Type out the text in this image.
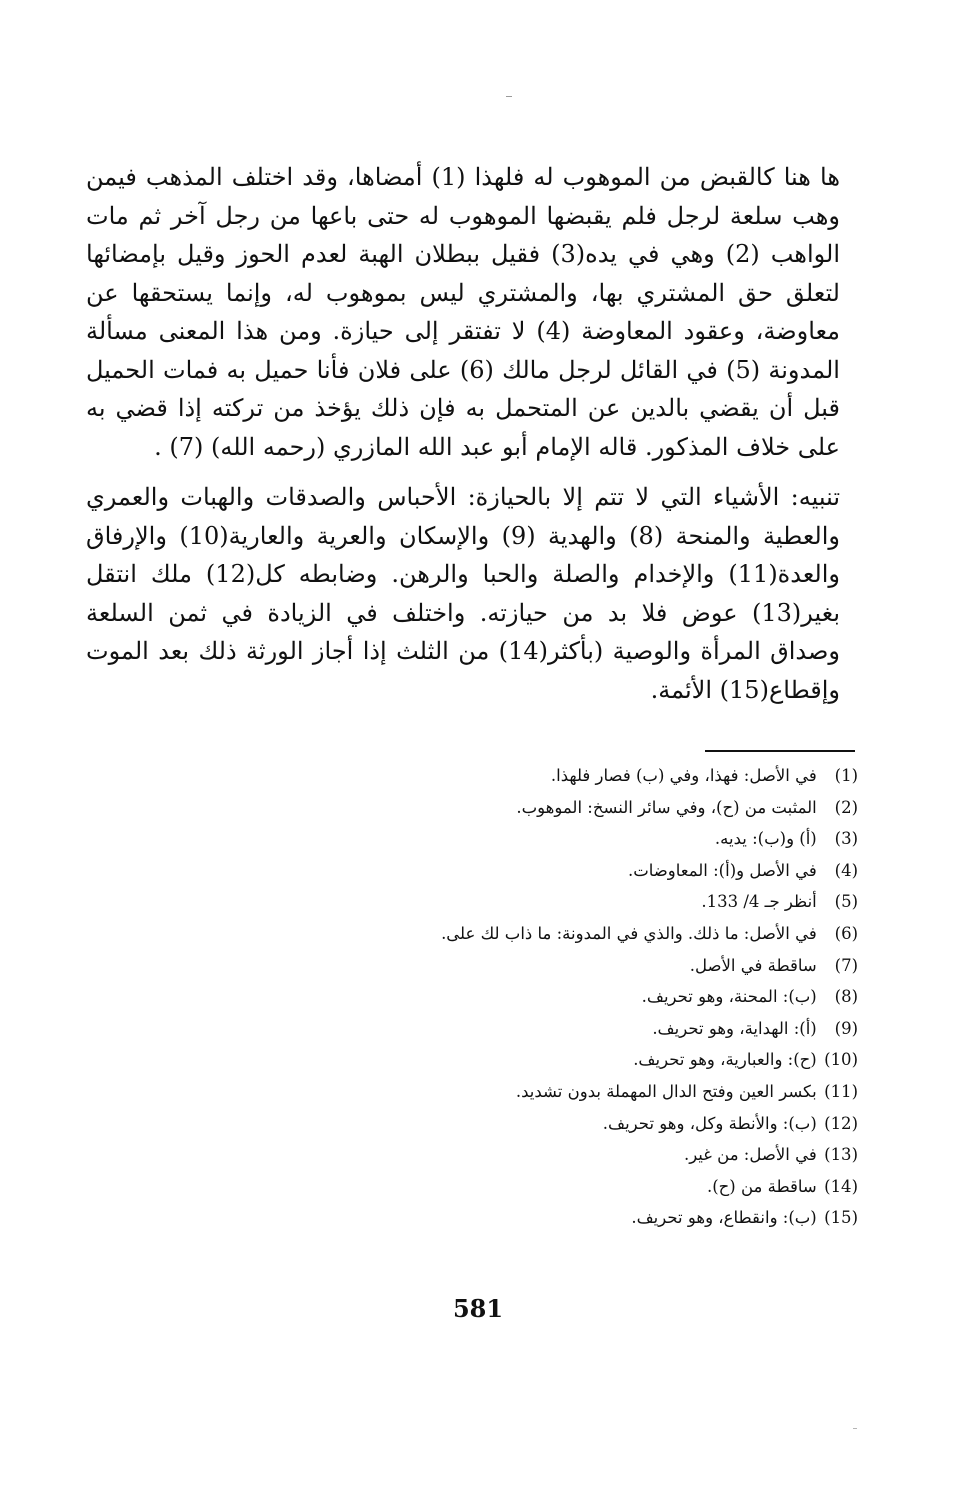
ها هنا كالقبض من الموهوب له فلهذا (1) أمضاها، وقد اختلف المذهب فيمن وهب سلعة لرجل فلم يقبضها الموهوب له حتى باعها من رجل آخر ثم مات الواهب (2) وهي في يده(3) فقيل ببطلان الهبة لعدم الحوز وقيل بإمضائها لتعلق حق المشتري بها، والمشتري ليس بموهوب له، وإنما يستحقها عن معاوضة، وعقود المعاوضة (4) لا تفتقر إلى حيازة. ومن هذا المعنى مسألة المدونة (5) في القائل لرجل مالك (6) على فلان فأنا حميل به فمات الحميل قبل أن يقضي بالدين عن المتحمل به فإن ذلك يؤخذ من تركته إذا قضي به على خلاف المذكور. قاله الإمام أبو عبد الله المازري (رحمه الله) (7) .

تنبيه: الأشياء التي لا تتم إلا بالحيازة: الأحباس والصدقات والهبات والعمري والعطية والمنحة (8) والهدية (9) والإسكان والعرية والعارية(10) والإرفاق والعدة(11) والإخدام والصلة والحبا والرهن. وضابطه كل(12) ملك انتقل بغير(13) عوض فلا بد من حيازته. واختلف في الزيادة في ثمن السلعة وصداق المرأة والوصية (بأكثر(14) من الثلث إذا أجاز الورثة ذلك بعد الموت وإقطاع(15) الأئمة.

(1) في الأصل: فهذا، وفي (ب) فصار فلهذا.
(2) المثبت من (ح)، وفي سائر النسخ: الموهوب.
(3) (أ) و(ب): يديه.
(4) في الأصل و(أ): المعاوضات.
(5) أنظر جـ 4/ 133.
(6) في الأصل: ما ذلك. والذي في المدونة: ما ذاب لك على.
(7) ساقطة في الأصل.
(8) (ب): المحنة، وهو تحريف.
(9) (أ): الهداية، وهو تحريف.
(10) (ح): والعبارية، وهو تحريف.
(11) بكسر العين وفتح الدال المهملة بدون تشديد.
(12) (ب): والأنطة وكل، وهو تحريف.
(13) في الأصل: من غير.
(14) ساقطة من (ح).
(15) (ب): وانقطاع، وهو تحريف.
581
